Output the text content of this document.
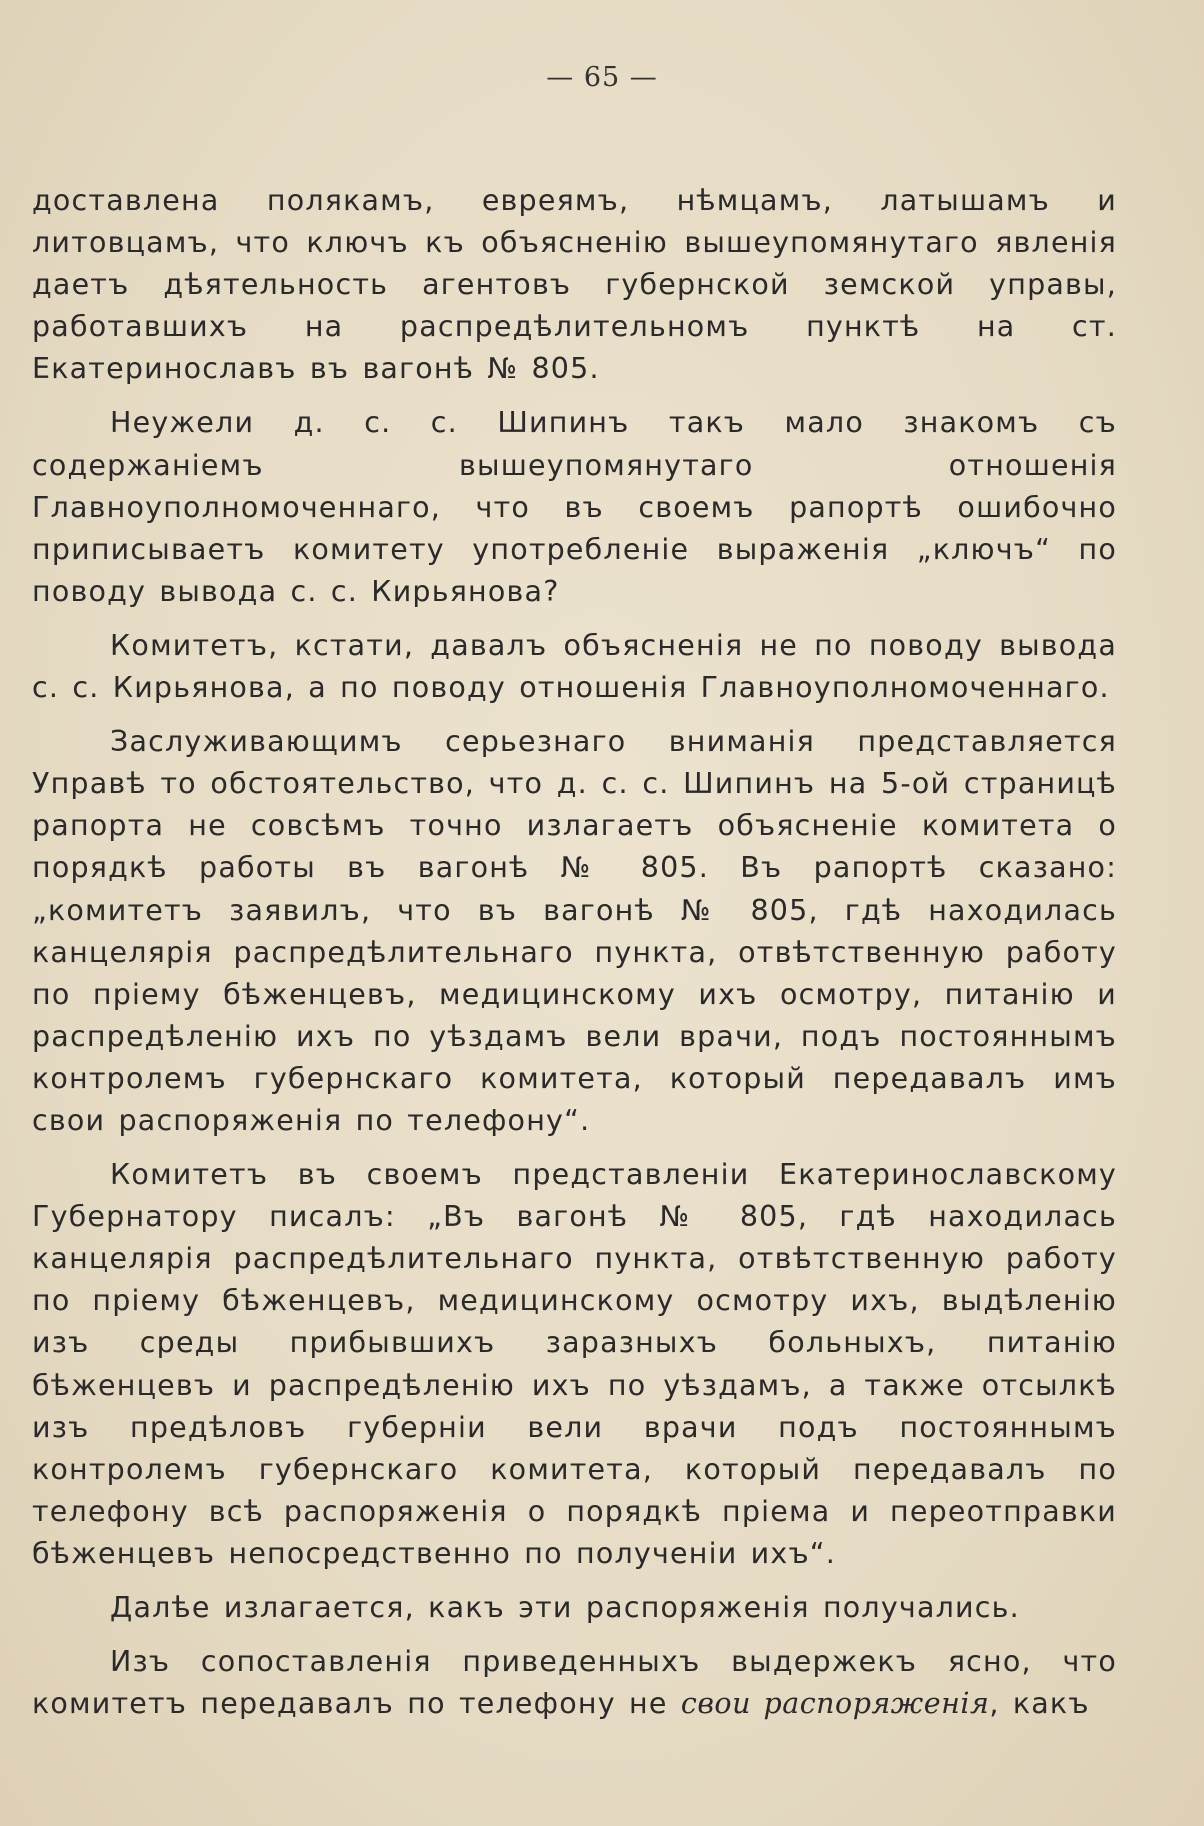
— 65 —

доставлена полякамъ, евреямъ, нѣмцамъ, латышамъ и литовцамъ, что ключъ къ объясненію вышеупомянутаго явленія даетъ дѣятельность агентовъ губернской земской управы, работавшихъ на распредѣлительномъ пунктѣ на ст. Екатеринославъ въ вагонѣ № 805.

Неужели д. с. с. Шипинъ такъ мало знакомъ съ содержаніемъ вышеупомянутаго отношенія Главноуполномоченнаго, что въ своемъ рапортѣ ошибочно приписываетъ комитету употребленіе выраженія „ключъ“ по поводу вывода с. с. Кирьянова?

Комитетъ, кстати, давалъ объясненія не по поводу вывода с. с. Кирьянова, а по поводу отношенія Главноуполномоченнаго.

Заслуживающимъ серьезнаго вниманія представляется Управѣ то обстоятельство, что д. с. с. Шипинъ на 5-ой страницѣ рапорта не совсѣмъ точно излагаетъ объясненіе комитета о порядкѣ работы въ вагонѣ № 805. Въ рапортѣ сказано: „комитетъ заявилъ, что въ вагонѣ № 805, гдѣ находилась канцелярія распредѣлительнаго пункта, отвѣтственную работу по пріему бѣженцевъ, медицинскому ихъ осмотру, питанію и распредѣленію ихъ по уѣздамъ вели врачи, подъ постояннымъ контролемъ губернскаго комитета, который передавалъ имъ свои распоряженія по телефону“.

Комитетъ въ своемъ представленіи Екатеринославскому Губернатору писалъ: „Въ вагонѣ № 805, гдѣ находилась канцелярія распредѣлительнаго пункта, отвѣтственную работу по пріему бѣженцевъ, медицинскому осмотру ихъ, выдѣленію изъ среды прибывшихъ заразныхъ больныхъ, питанію бѣженцевъ и распредѣленію ихъ по уѣздамъ, а также отсылкѣ изъ предѣловъ губерніи вели врачи подъ постояннымъ контролемъ губернскаго комитета, который передавалъ по телефону всѣ распоряженія о порядкѣ пріема и переотправки бѣженцевъ непосредственно по полученіи ихъ“.

Далѣе излагается, какъ эти распоряженія получались.

Изъ сопоставленія приведенныхъ выдержекъ ясно, что комитетъ передавалъ по телефону не свои распоряженія, какъ
